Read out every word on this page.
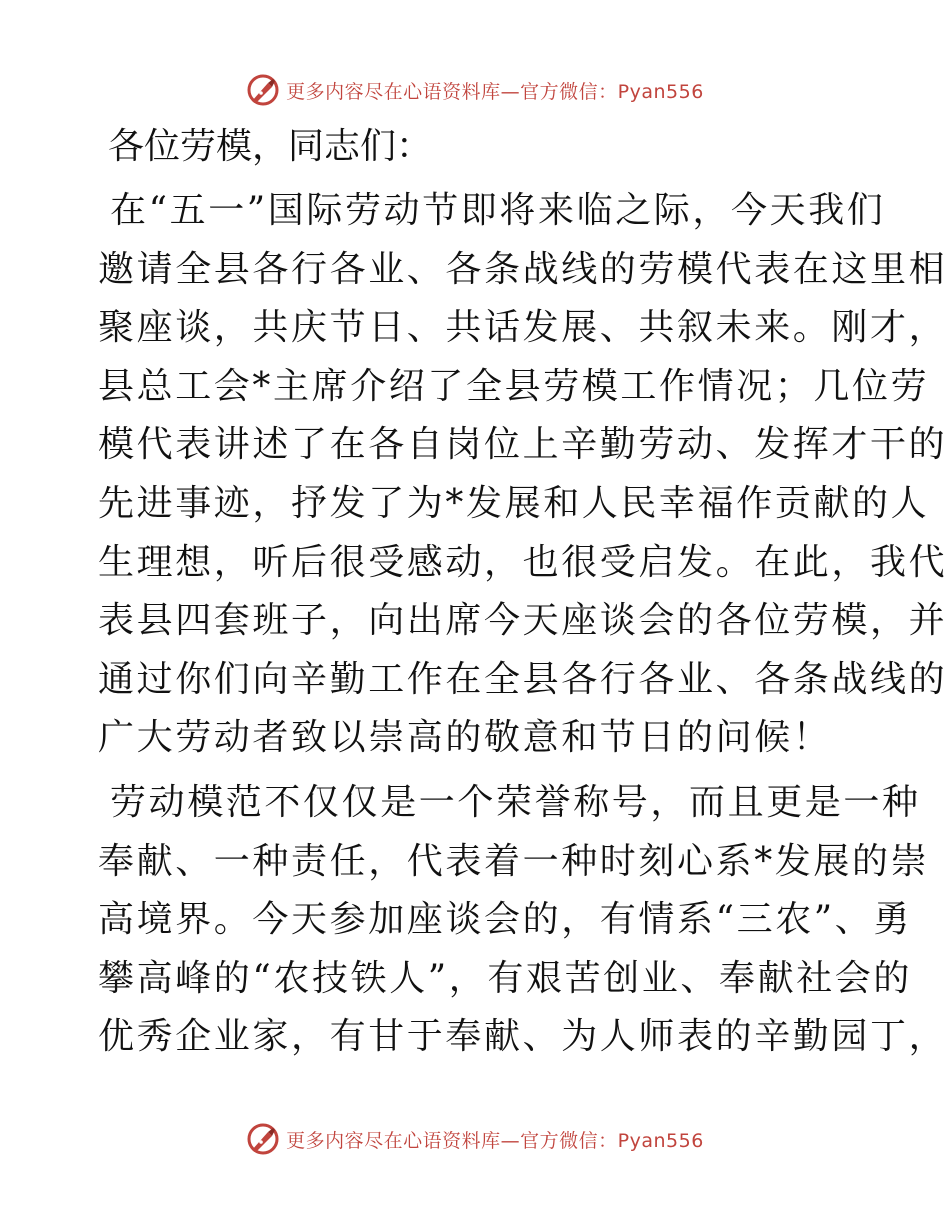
更多内容尽在心语资料库—官方微信：Pyan556

各位劳模，同志们：

在“五一”国际劳动节即将来临之际，今天我们
邀请全县各行各业、各条战线的劳模代表在这里相
聚座谈，共庆节日、共话发展、共叙未来。刚才，
县总工会*主席介绍了全县劳模工作情况；几位劳
模代表讲述了在各自岗位上辛勤劳动、发挥才干的
先进事迹，抒发了为*发展和人民幸福作贡献的人
生理想，听后很受感动，也很受启发。在此，我代
表县四套班子，向出席今天座谈会的各位劳模，并
通过你们向辛勤工作在全县各行各业、各条战线的
广大劳动者致以崇高的敬意和节日的问候！
劳动模范不仅仅是一个荣誉称号，而且更是一种
奉献、一种责任，代表着一种时刻心系*发展的崇
高境界。今天参加座谈会的，有情系“三农”、勇
攀高峰的“农技铁人”，有艰苦创业、奉献社会的
优秀企业家，有甘于奉献、为人师表的辛勤园丁，
更多内容尽在心语资料库—官方微信：Pyan556
